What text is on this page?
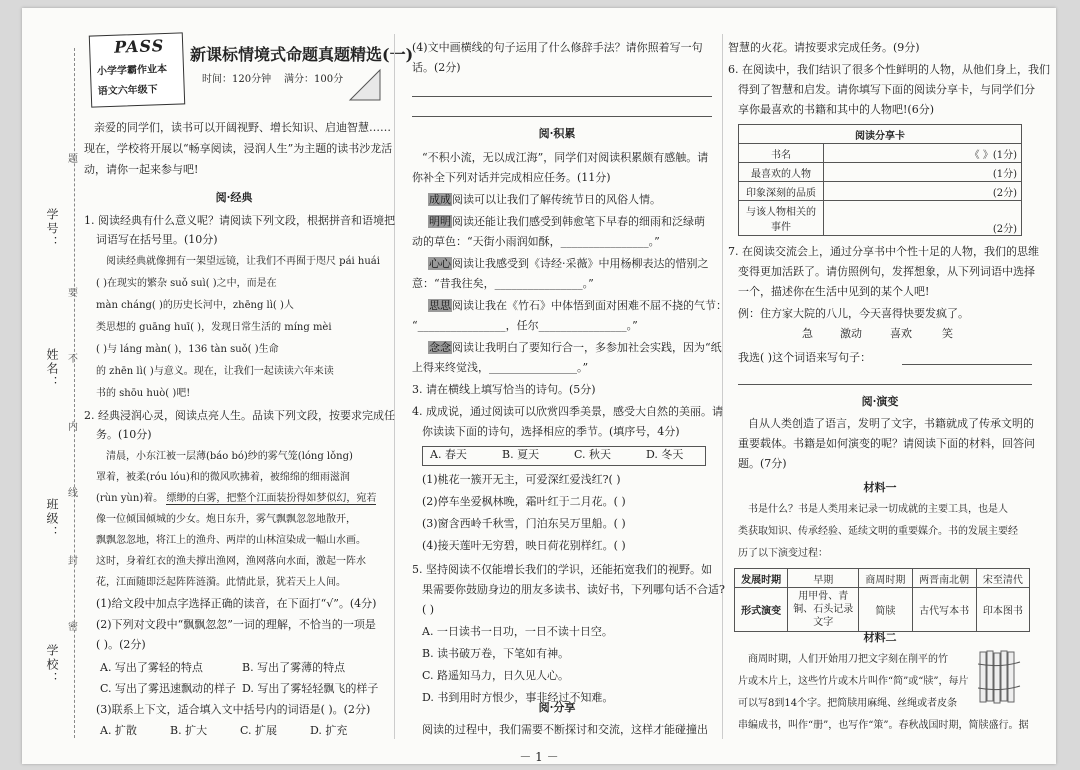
学号：
姓名：
班级：
学校：
题
要
不
内
线
封
密
PASS
小学学霸作业本
语文六年级下
新课标情境式命题真题精选(一)
时间：120分钟 满分：100分
亲爱的同学们，读书可以开阔视野、增长知识、启迪智慧……
现在，学校将开展以“畅享阅读，浸润人生”为主题的读书沙龙活
动，请你一起来参与吧!
阅·经典
1. 阅读经典有什么意义呢？请阅读下列文段，根据拼音和语境把
词语写在括号里。(10分)
阅读经典就像拥有一架望远镜，让我们不再囿于咫尺 pái huái
( )在现实的繁杂 suǒ suì( )之中，而是在
màn cháng( )的历史长河中，zhēng lì( )人
类思想的 guāng huī( )，发现日常生活的 míng mèi
( )与 láng màn( )，136 tàn suǒ( )生命
的 zhēn lì( )与意义。现在，让我们一起读读六年来读
书的 shōu huò( )吧!
2. 经典浸润心灵，阅读点亮人生。品读下列文段，按要求完成任
务。(10分)
清晨，小东江被一层薄(báo bó)纱的雾气笼(lóng lǒng)
罩着，被柔(róu lóu)和的微风吹拂着，被绵绵的细雨滋润
(rùn yùn)着。 缥缈的白雾，把整个江面装扮得如梦似幻，宛若
像一位倾国倾城的少女。炮日东升，雾气飘飘忽忽地散开，
飘飘忽忽地，将江上的渔舟、两岸的山林渲染成一幅山水画。
这时，身着红衣的渔夫撑出渔网，渔网落向水面，激起一阵水
花，江面随即泛起阵阵涟漪。此情此景，犹若天上人间。
(1)给文段中加点字选择正确的读音，在下面打“√”。(4分)
(2)下列对文段中“飘飘忽忽”一词的理解，不恰当的一项是
( )。(2分)
A. 写出了雾轻的特点	B. 写出了雾薄的特点
C. 写出了雾迅速飘动的样子 D. 写出了雾轻轻飘飞的样子
(3)联系上下文，适合填入文中括号内的词语是( )。(2分)
A. 扩散	B. 扩大	C. 扩展	D. 扩充
(4)文中画横线的句子运用了什么修辞手法？请你照着写一句
话。(2分)
阅·积累
“不积小流，无以成江海”，同学们对阅读积累颇有感触。请
你补全下列对话并完成相应任务。(11分)
成成阅读可以让我们了解传统节日的风俗人情。
明明阅读还能让我们感受到韩愈笔下早春的细雨和泛绿萌
动的草色：“天街小雨润如酥，________________。”
心心阅读让我感受到《诗经·采薇》中用杨柳表达的惜别之
意：“昔我往矣，________________。”
思思阅读让我在《竹石》中体悟到面对困难不屈不挠的气节：
“________________，任尔________________。”
念念阅读让我明白了要知行合一，多参加社会实践，因为“纸
上得来终觉浅，________________。”
3. 请在横线上填写恰当的诗句。(5分)
4. 成成说，通过阅读可以欣赏四季美景，感受大自然的美丽。请
你读读下面的诗句，选择相应的季节。(填序号，4分)
A. 春天	B. 夏天	C. 秋天	D. 冬天
(1)桃花一簇开无主，可爱深红爱浅红?( )
(2)停车坐爱枫林晚，霜叶红于二月花。( )
(3)窗含西岭千秋雪，门泊东吴万里船。( )
(4)接天莲叶无穷碧，映日荷花别样红。( )
5. 坚持阅读不仅能增长我们的学识，还能拓宽我们的视野。如
果需要你鼓励身边的朋友多读书、读好书，下列哪句话不合适?
( )
A. 一日读书一日功，一日不读十日空。
B. 读书破万卷，下笔如有神。
C. 路遥知马力，日久见人心。
D. 书到用时方恨少，事非经过不知难。
阅·分享
阅读的过程中，我们需要不断探讨和交流，这样才能碰撞出
智慧的火花。请按要求完成任务。(9分)
6. 在阅读中，我们结识了很多个性鲜明的人物，从他们身上，我们
得到了智慧和启发。请你填写下面的阅读分享卡，与同学们分
享你最喜欢的书籍和其中的人物吧!(6分)
阅读分享卡	
书名	《 》(1分)
最喜欢的人物	(1分)
印象深刻的品质	(2分)
与该人物相关的事件	(2分)
7. 在阅读交流会上，通过分享书中个性十足的人物，我们的思维
变得更加活跃了。请仿照例句，发挥想象，从下列词语中选择
一个，描述你在生活中见到的某个人吧!
例：住方家大院的八儿，今天喜得快要发疯了。
急 激动	喜欢	笑
我选( )这个词语来写句子：
阅·演变
自从人类创造了语言，发明了文字，书籍就成了传承文明的
重要载体。书籍是如何演变的呢？请阅读下面的材料，回答问
题。(7分)
材料一
书是什么？书是人类用来记录一切成就的主要工具，也是人
类获取知识、传承经验、延续文明的重要媒介。书的发展主要经
历了以下演变过程：
发展时期	早期	商周时期	两晋南北朝	宋至清代
形式演变	用甲骨、青铜、石头记录文字	简牍	古代写本书	印本图书
材料二
商周时期，人们开始用刀把文字刻在削平的竹
片或木片上，这些竹片或木片叫作“简”或“牍”，每片
可以写8到14个字。把简牍用麻绳、丝绳或者皮条
串编成书，叫作“册”，也写作“策”。春秋战国时期，简牍盛行。据
－ 1 －
